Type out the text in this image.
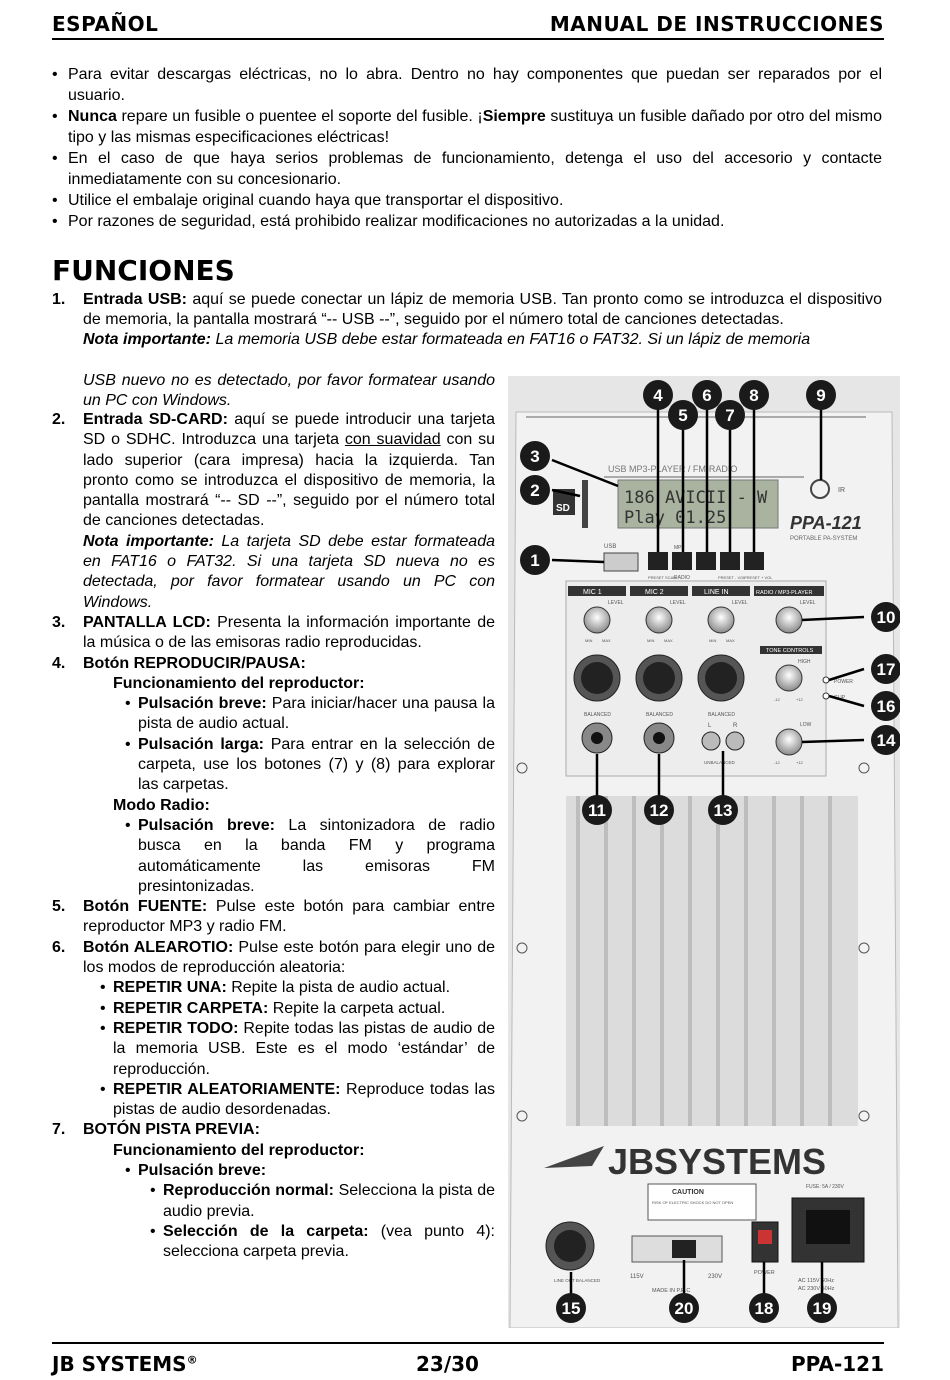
ESPAÑOL	MANUAL DE INSTRUCCIONES
• Para evitar descargas eléctricas, no lo abra. Dentro no hay componentes que puedan ser reparados por el usuario.
• Nunca repare un fusible o puentee el soporte del fusible. ¡Siempre sustituya un fusible dañado por otro del mismo tipo y las mismas especificaciones eléctricas!
• En el caso de que haya serios problemas de funcionamiento, detenga el uso del accesorio y contacte inmediatamente con su concesionario.
• Utilice el embalaje original cuando haya que transportar el dispositivo.
• Por razones de seguridad, está prohibido realizar modificaciones no autorizadas a la unidad.
FUNCIONES
1. Entrada USB: aquí se puede conectar un lápiz de memoria USB. Tan pronto como se introduzca el dispositivo de memoria, la pantalla mostrará “-- USB --”, seguido por el número total de canciones detectadas.
Nota importante: La memoria USB debe estar formateada en FAT16 o FAT32. Si un lápiz de memoria
USB nuevo no es detectado, por favor formatear usando un PC con Windows.
2. Entrada SD-CARD: aquí se puede introducir una tarjeta SD o SDHC. Introduzca una tarjeta con suavidad con su lado superior (cara impresa) hacia la izquierda. Tan pronto como se introduzca el dispositivo de memoria, la pantalla mostrará “-- SD --”, seguido por el número total de canciones detectadas.
Nota importante: La tarjeta SD debe estar formateada en FAT16 o FAT32. Si una tarjeta SD nueva no es detectada, por favor formatear usando un PC con Windows.
3. PANTALLA LCD: Presenta la información importante de la música o de las emisoras radio reproducidas.
4. Botón REPRODUCIR/PAUSA:
Funcionamiento del reproductor:
• Pulsación breve: Para iniciar/hacer una pausa la pista de audio actual.
• Pulsación larga: Para entrar en la selección de carpeta, use los botones (7) y (8) para explorar las carpetas.
Modo Radio:
• Pulsación breve: La sintonizadora de radio busca en la banda FM y programa automáticamente las emisoras FM presintonizadas.
5. Botón FUENTE: Pulse este botón para cambiar entre reproductor MP3 y radio FM.
6. Botón ALEAROTIO: Pulse este botón para elegir uno de los modos de reproducción aleatoria:
• REPETIR UNA: Repite la pista de audio actual.
• REPETIR CARPETA: Repite la carpeta actual.
• REPETIR TODO: Repite todas las pistas de audio de la memoria USB. Este es el modo ‘estándar’ de reproducción.
• REPETIR ALEATORIAMENTE: Reproduce todas las pistas de audio desordenadas.
7. BOTÓN PISTA PREVIA:
Funcionamiento del reproductor:
• Pulsación breve:
• Reproducción normal: Selecciona la pista de audio previa.
• Selección de la carpeta: (vea punto 4): selecciona carpeta previa.
USB MP3-PLAYER / FM-RADIO
186 AVICII - W
Play 01.25	PPA-121
PORTABLE PA-SYSTEM
IR
SD
USB	MP3
PRESET SCAN
RADIO	PRESET - VOL
PRESET + VOL
MIC 1	MIC 2	LINE IN	RADIO / MP3-PLAYER
LEVEL	LEVEL	LEVEL	LEVEL
MIN MAX	MIN MAX	MIN MAX
TONE CONTROLS
HIGH
-12	+12
LOW
-12	+12
POWER
CLIP
BALANCED	BALANCED	BALANCED
L	R
UNBALANCED
JBSYSTEMS
CAUTION
RISK OF ELECTRIC SHOCK DO NOT OPEN
FUSE: 5A / 230V
LINE OUT BALANCED
115V	230V
MADE IN P.R.C
POWER
AC 115V 60Hz
AC 230V 50Hz
1
2
3
4
5
6
7
8	9
10
11	12	13
14
15
16
17
18 19
20
JB SYSTEMS®	23/30	PPA-121
